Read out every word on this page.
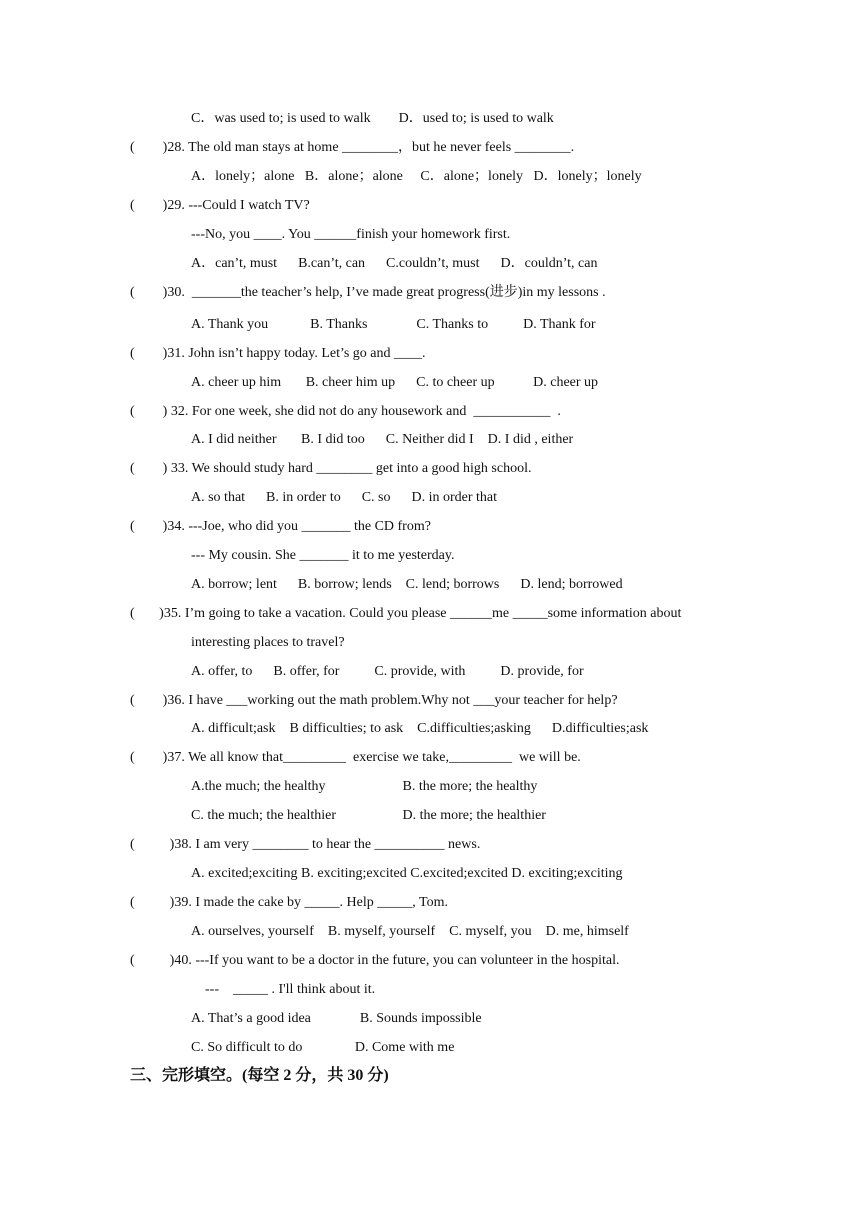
C．was used to; is used to walk        D．used to; is used to walk
(        )28. The old man stays at home ________，but he never feels ________.
A．lonely；alone   B．alone；alone     C．alone；lonely   D．lonely；lonely
(        )29. ---Could I watch TV?
---No, you ____. You ______finish your homework first.
A．can’t, must      B.can’t, can      C.couldn’t, must      D．couldn’t, can
(        )30.  _______the teacher’s help, I’ve made great progress(进步)in my lessons .
A. Thank you            B. Thanks              C. Thanks to          D. Thank for
(        )31. John isn’t happy today. Let’s go and ____.
A. cheer up him       B. cheer him up      C. to cheer up           D. cheer up
(        ) 32. For one week, she did not do any housework and  ___________  .
A. I did neither       B. I did too      C. Neither did I    D. I did , either
(        ) 33. We should study hard ________ get into a good high school.
A. so that      B. in order to      C. so      D. in order that
(        )34. ---Joe, who did you _______ the CD from?
--- My cousin. She _______ it to me yesterday.
A. borrow; lent      B. borrow; lends    C. lend; borrows      D. lend; borrowed
(       )35. I’m going to take a vacation. Could you please ______me _____some information about
interesting places to travel?
A. offer, to      B. offer, for          C. provide, with          D. provide, for
(        )36. I have ___working out the math problem.Why not ___your teacher for help?
A. difficult;ask    B difficulties; to ask    C.difficulties;asking      D.difficulties;ask
(        )37. We all know that_________  exercise we take,_________  we will be.
A.the much; the healthy                      B. the more; the healthy
C. the much; the healthier                   D. the more; the healthier
(          )38. I am very ________ to hear the __________ news.
A. excited;exciting B. exciting;excited C.excited;excited D. exciting;exciting
(          )39. I made the cake by _____. Help _____, Tom.
A. ourselves, yourself    B. myself, yourself    C. myself, you    D. me, himself
(          )40. ---If you want to be a doctor in the future, you can volunteer in the hospital.
---    _____ . I'll think about it.
A. That’s a good idea              B. Sounds impossible
C. So difficult to do               D. Come with me
三、完形填空。(每空 2 分，共 30 分)
